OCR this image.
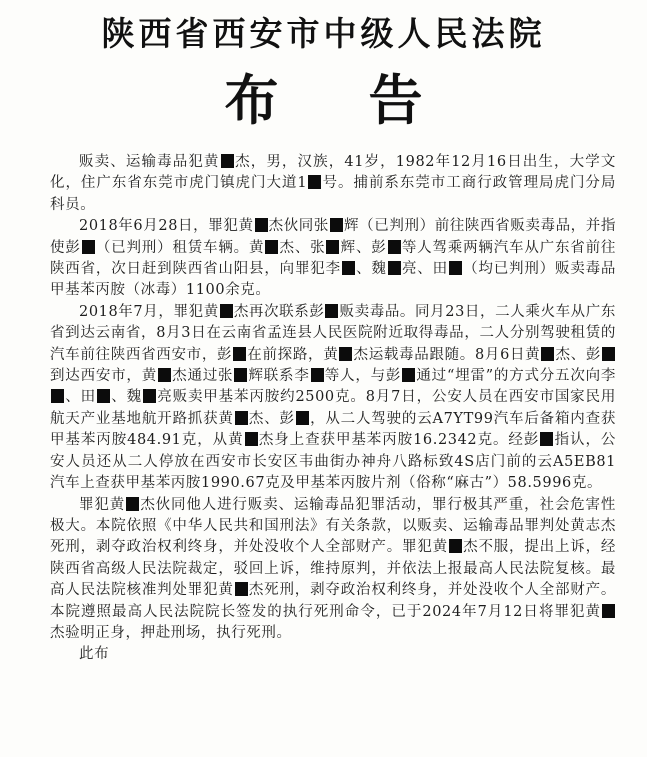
陕西省西安市中级人民法院
布 告

贩卖、运输毒品犯黄 杰，男，汉族，41岁，1982年12月16日出生，大学文化，住广东省东莞市虎门镇虎门大道1 号。捕前系东莞市工商行政管理局虎门分局科员。

2018年6月28日，罪犯黄 杰伙同张 辉（已判刑）前往陕西省贩卖毒品，并指使彭 （已判刑）租赁车辆。黄 杰、张 辉、彭 等人驾乘两辆汽车从广东省前往陕西省，次日赶到陕西省山阳县，向罪犯李 、魏 亮、田 （均已判刑）贩卖毒品甲基苯丙胺（冰毒）1100余克。

2018年7月，罪犯黄 杰再次联系彭 贩卖毒品。同月23日，二人乘火车从广东省到达云南省，8月3日在云南省孟连县人民医院附近取得毒品，二人分别驾驶租赁的汽车前往陕西省西安市，彭 在前探路，黄 杰运载毒品跟随。8月6日黄 杰、彭到达西安市，黄 杰通过张 辉联系李 等人，与彭 通过“埋雷”的方式分五次向李、田 、魏 亮贩卖甲基苯丙胺约2500克。8月7日，公安人员在西安市国家民用航天产业基地航开路抓获黄 杰、彭 ，从二人驾驶的云A7YT99汽车后备箱内查获甲基苯丙胺484.91克，从黄 杰身上查获甲基苯丙胺16.2342克。经彭 指认，公安人员还从二人停放在西安市长安区韦曲街办神舟八路标致4S店门前的云A5EB81汽车上查获甲基苯丙胺1990.67克及甲基苯丙胺片剂（俗称“麻古”）58.5996克。

罪犯黄 杰伙同他人进行贩卖、运输毒品犯罪活动，罪行极其严重，社会危害性极大。本院依照《中华人民共和国刑法》有关条款，以贩卖、运输毒品罪判处黄志杰死刑，剥夺政治权利终身，并处没收个人全部财产。罪犯黄 杰不服，提出上诉，经陕西省高级人民法院裁定，驳回上诉，维持原判，并依法上报最高人民法院复核。最高人民法院核准判处罪犯黄 杰死刑，剥夺政治权利终身，并处没收个人全部财产。本院遵照最高人民法院院长签发的执行死刑命令，已于2024年7月12日将罪犯黄杰验明正身，押赴刑场，执行死刑。

此布
